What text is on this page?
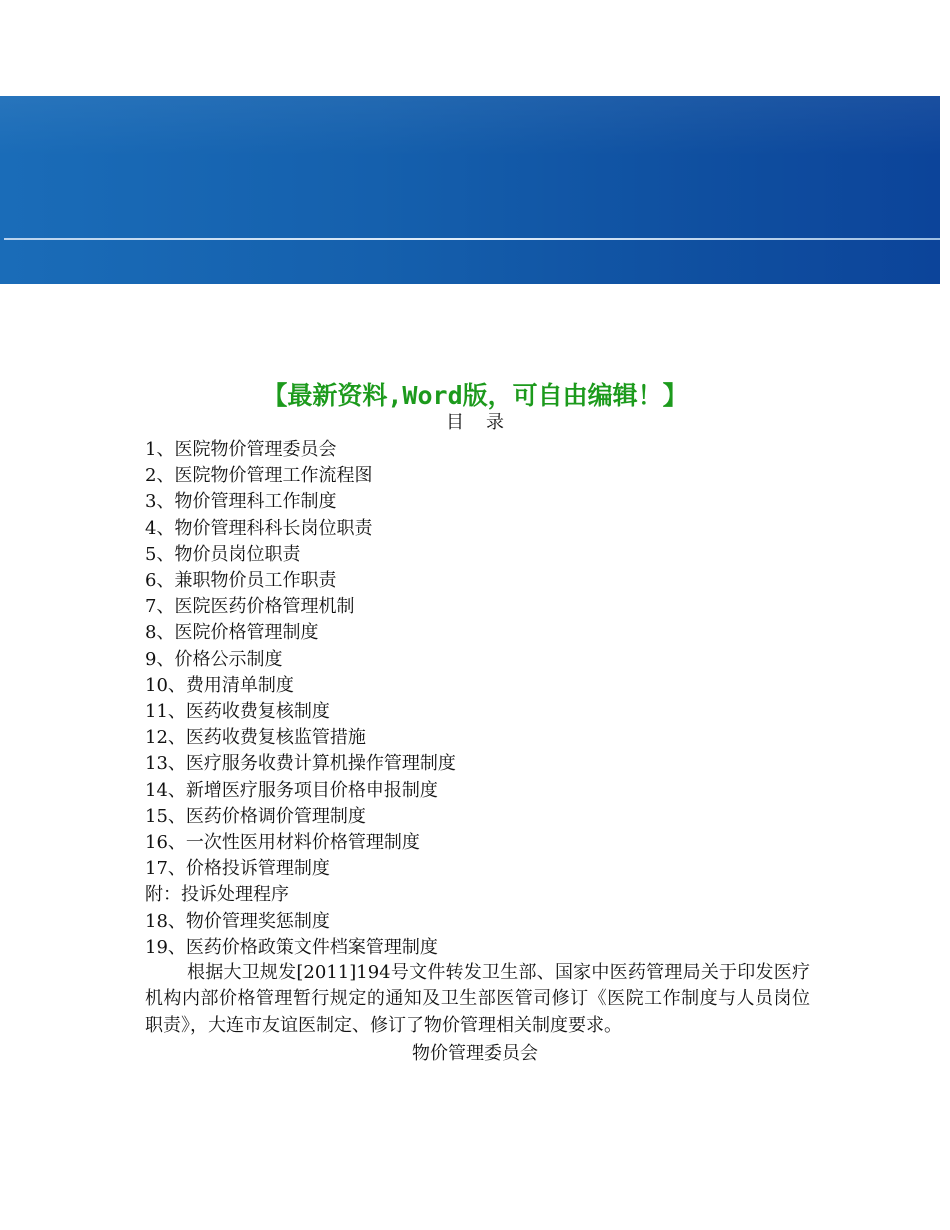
【最新资料,Word版，可自由编辑！】
目录
1、医院物价管理委员会
2、医院物价管理工作流程图
3、物价管理科工作制度
4、物价管理科科长岗位职责
5、物价员岗位职责
6、兼职物价员工作职责
7、医院医药价格管理机制
8、医院价格管理制度
9、价格公示制度
10、费用清单制度
11、医药收费复核制度
12、医药收费复核监管措施
13、医疗服务收费计算机操作管理制度
14、新增医疗服务项目价格申报制度
15、医药价格调价管理制度
16、一次性医用材料价格管理制度
17、价格投诉管理制度
附：投诉处理程序
18、物价管理奖惩制度
19、医药价格政策文件档案管理制度

根据大卫规发[2011]194号文件转发卫生部、国家中医药管理局关于印发医疗机构内部价格管理暂行规定的通知及卫生部医管司修订《医院工作制度与人员岗位职责》，大连市友谊医制定、修订了物价管理相关制度要求。

物价管理委员会
